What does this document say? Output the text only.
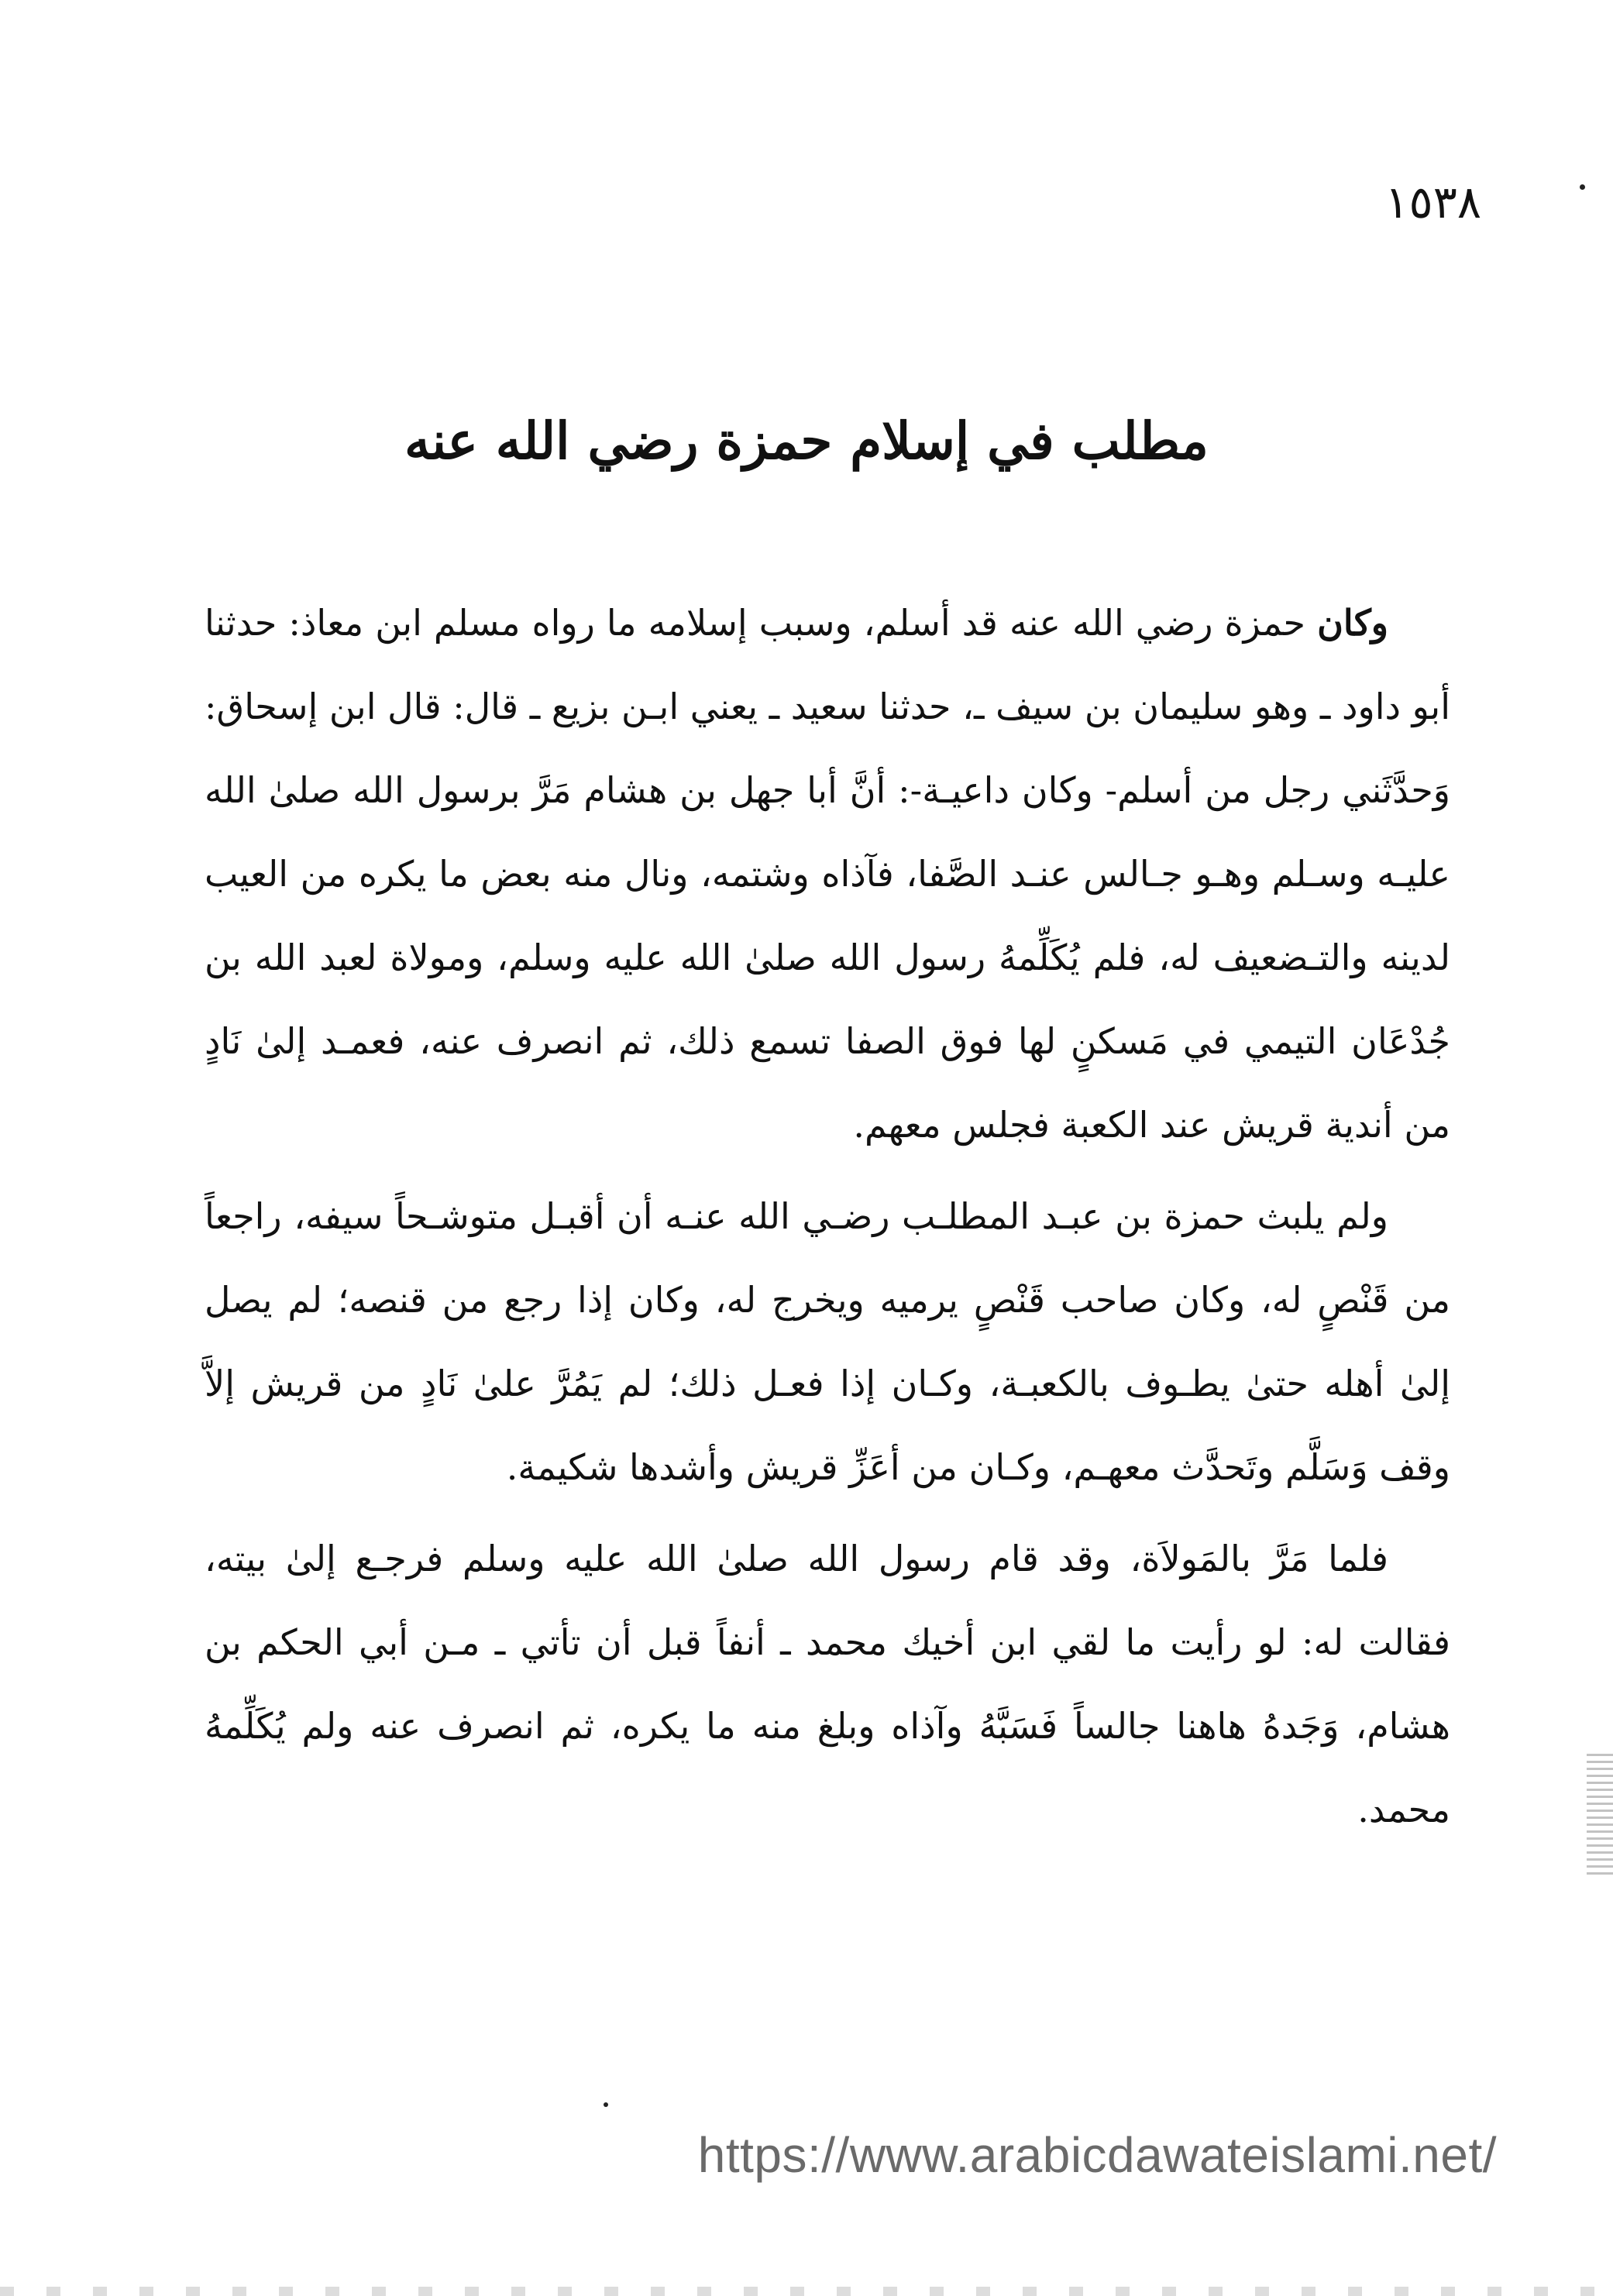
١٥٣٨
مطلب في إسلام حمزة رضي الله عنه

وكان حمزة رضي الله عنه قد أسلم، وسبب إسلامه ما رواه مسلم ابن معاذ: حدثنا أبو داود ـ وهو سليمان بن سيف ـ، حدثنا سعيد ـ يعني ابـن بزيع ـ قال: قال ابن إسحاق: وَحدَّثَني رجل من أسلم- وكان داعيـة-: أنَّ أبا جهل بن هشام مَرَّ برسول الله صلىٰ الله عليـه وسـلم وهـو جـالس عنـد الصَّفا، فآذاه وشتمه، ونال منه بعض ما يكره من العيب لدينه والتـضعيف له، فلم يُكَلِّمهُ رسول الله صلىٰ الله عليه وسلم، ومولاة لعبد الله بن جُدْعَان التيمي في مَسكنٍ لها فوق الصفا تسمع ذلك، ثم انصرف عنه، فعمـد إلىٰ نَادٍ من أندية قريش عند الكعبة فجلس معهم.

ولم يلبث حمزة بن عبـد المطلـب رضـي الله عنـه أن أقبـل متوشـحاً سيفه، راجعاً من قَنْصٍ له، وكان صاحب قَنْصٍ يرميه ويخرج له، وكان إذا رجع من قنصه؛ لم يصل إلىٰ أهله حتىٰ يطـوف بالكعبـة، وكـان إذا فعـل ذلك؛ لم يَمُرَّ علىٰ نَادٍ من قريش إلاَّ وقف وَسَلَّم وتَحدَّث معهـم، وكـان من أعَزِّ قريش وأشدها شكيمة.

فلما مَرَّ بالمَولاَة، وقد قام رسول الله صلىٰ الله عليه وسلم فرجـع إلىٰ بيته، فقالت له: لو رأيت ما لقي ابن أخيك محمد ـ أنفاً قبل أن تأتي ـ مـن أبي الحكم بن هشام، وَجَدهُ هاهنا جالساً فَسَبَّهُ وآذاه وبلغ منه ما يكره، ثم انصرف عنه ولم يُكَلِّمهُ محمد.

https://www.arabicdawateislami.net/
